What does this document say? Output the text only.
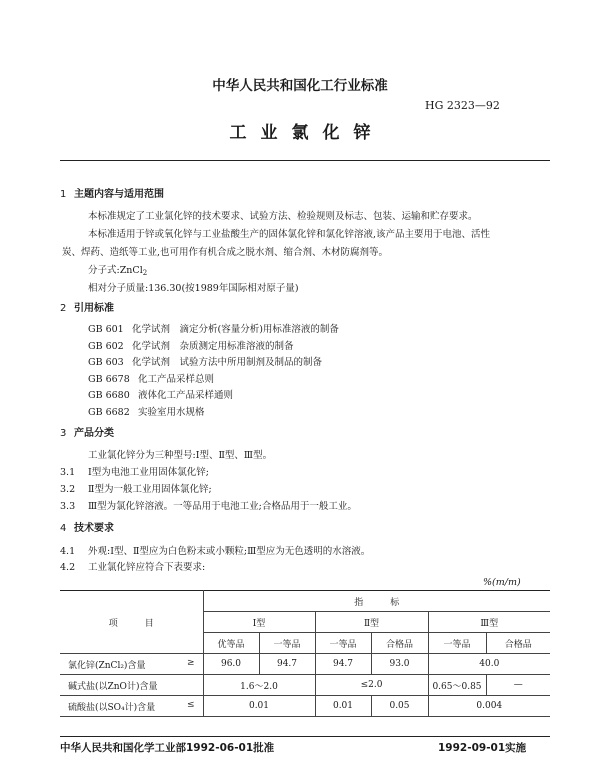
中华人民共和国化工行业标准
HG 2323—92
工业氯化锌
1 主题内容与适用范围
本标准规定了工业氯化锌的技术要求、试验方法、检验规则及标志、包装、运输和贮存要求。
本标准适用于锌或氧化锌与工业盐酸生产的固体氯化锌和氯化锌溶液,该产品主要用于电池、活性
炭、焊药、造纸等工业,也可用作有机合成之脱水剂、缩合剂、木材防腐剂等。
分子式:ZnCl$_2$
相对分子质量:136.30(按1989年国际相对原子量)
2 引用标准
GB 601 化学试剂　滴定分析(容量分析)用标准溶液的制备
GB 602 化学试剂　杂质测定用标准溶液的制备
GB 603 化学试剂　试验方法中所用制剂及制品的制备
GB 6678 化工产品采样总则
GB 6680 液体化工产品采样通则
GB 6682 实验室用水规格
3 产品分类
工业氯化锌分为三种型号:Ⅰ型、Ⅱ型、Ⅲ型。
3.1 Ⅰ型为电池工业用固体氯化锌;
3.2 Ⅱ型为一般工业用固体氯化锌;
3.3 Ⅲ型为氯化锌溶液。一等品用于电池工业;合格品用于一般工业。
4 技术要求
4.1 外观:Ⅰ型、Ⅱ型应为白色粉末或小颗粒;Ⅲ型应为无色透明的水溶液。
4.2 工业氯化锌应符合下表要求:
%(m/m)
项　　　目	指　　　标					
	Ⅰ型		Ⅱ型		Ⅲ型	
	优等品	一等品	一等品	合格品	一等品	合格品
氯化锌(ZnCl₂)含量 ≥	96.0	94.7	94.7	93.0	40.0	
碱式盐(以ZnO计)含量	1.6～2.0		≤2.0		0.65～0.85	—
硫酸盐(以SO₄计)含量 ≤	0.01		0.01	0.05	0.004	
中华人民共和国化学工业部1992-06-01批准	1992-09-01实施
